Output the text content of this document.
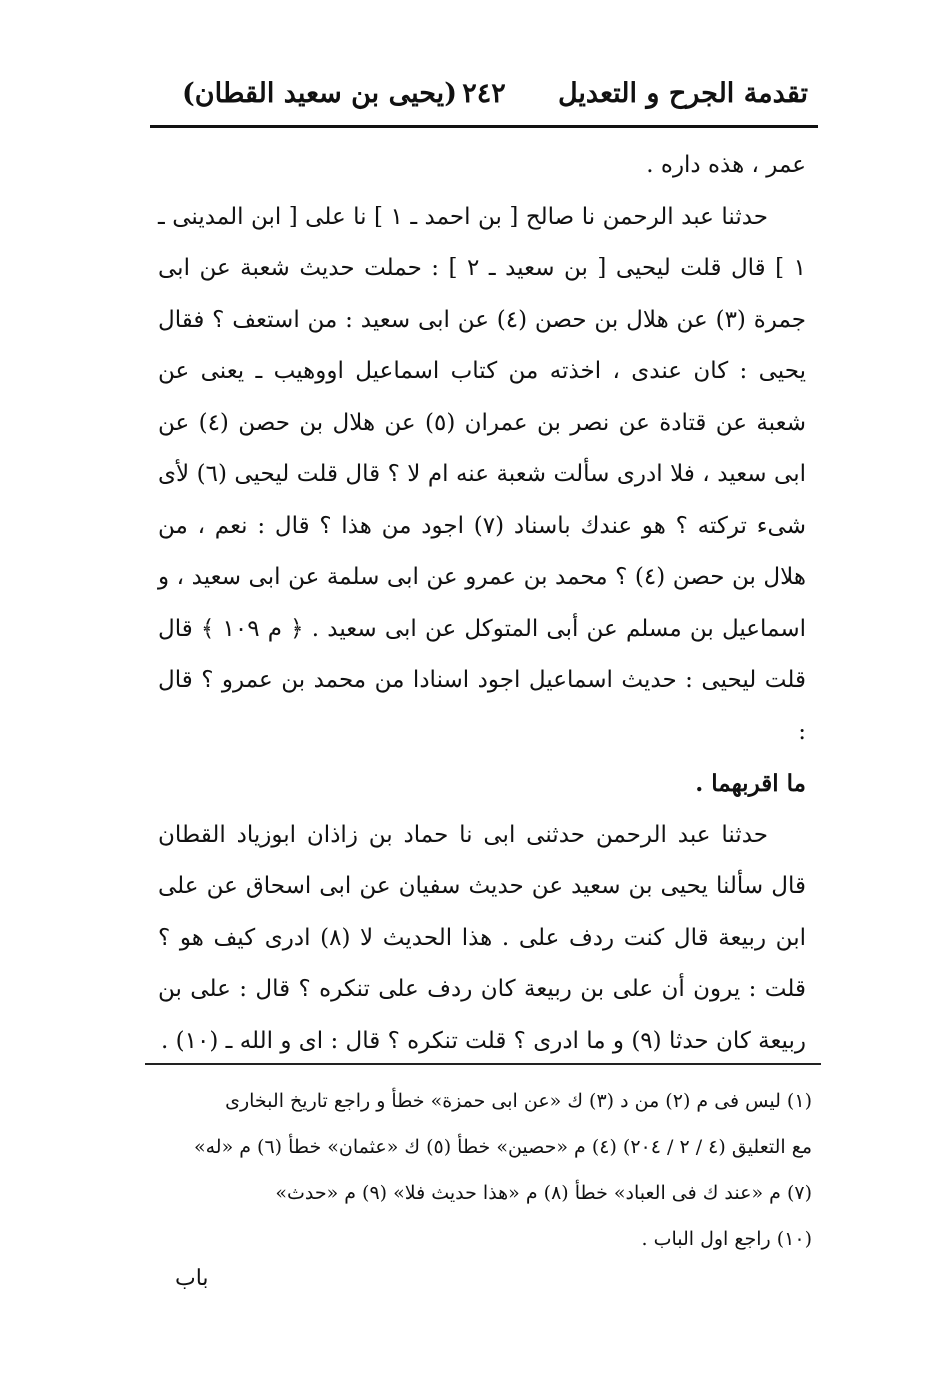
تقدمة الجرح و التعديل
٢٤٢
(يحيى بن سعيد القطان)

عمر ، هذه داره .

حدثنا عبد الرحمن نا صالح [ بن احمد ـ ١ ] نا على [ ابن المدينى ـ ١ ] قال قلت ليحيى [ بن سعيد ـ ٢ ] : حملت حديث شعبة عن ابى جمرة (٣) عن هلال بن حصن (٤) عن ابى سعيد : من استعف ؟ فقال يحيى : كان عندى ، اخذته من كتاب اسماعيل اووهيب ـ يعنى عن شعبة عن قتادة عن نصر بن عمران (٥) عن هلال بن حصن (٤) عن ابى سعيد ، فلا ادرى سألت شعبة عنه ام لا ؟ قال قلت ليحيى (٦) لأى شىء تركته ؟ هو عندك باسناد (٧) اجود من هذا ؟ قال : نعم ، من هلال بن حصن (٤) ؟ محمد بن عمرو عن ابى سلمة عن ابى سعيد ، و اسماعيل بن مسلم عن أبى المتوكل عن ابى سعيد . ﴿ م ١٠٩ ﴾ قال قلت ليحيى : حديث اسماعيل اجود اسنادا من محمد بن عمرو ؟ قال :

ما اقربهما .

حدثنا عبد الرحمن حدثنى ابى نا حماد بن زاذان ابوزياد القطان قال سألنا يحيى بن سعيد عن حديث سفيان عن ابى اسحاق عن على ابن ربيعة قال كنت ردف على . هذا الحديث لا (٨) ادرى كيف هو ؟ قلت : يرون أن على بن ربيعة كان ردف على تنكره ؟ قال : على بن ربيعة كان حدثا (٩) و ما ادرى ؟ قلت تنكره ؟ قال : اى و الله ـ (١٠) .

(١) ليس فى م (٢) من د (٣) ك «عن ابى حمزة» خطأ و راجع تاريخ البخارى

مع التعليق (٤ / ٢ / ٢٠٤) (٤) م «حصين» خطأ (٥) ك «عثمان» خطأ (٦) م «له»

(٧) م «عند ك فى العباد» خطأ (٨) م «هذا حديث فلا» (٩) م «حدث»

(١٠) راجع اول الباب .

باب
